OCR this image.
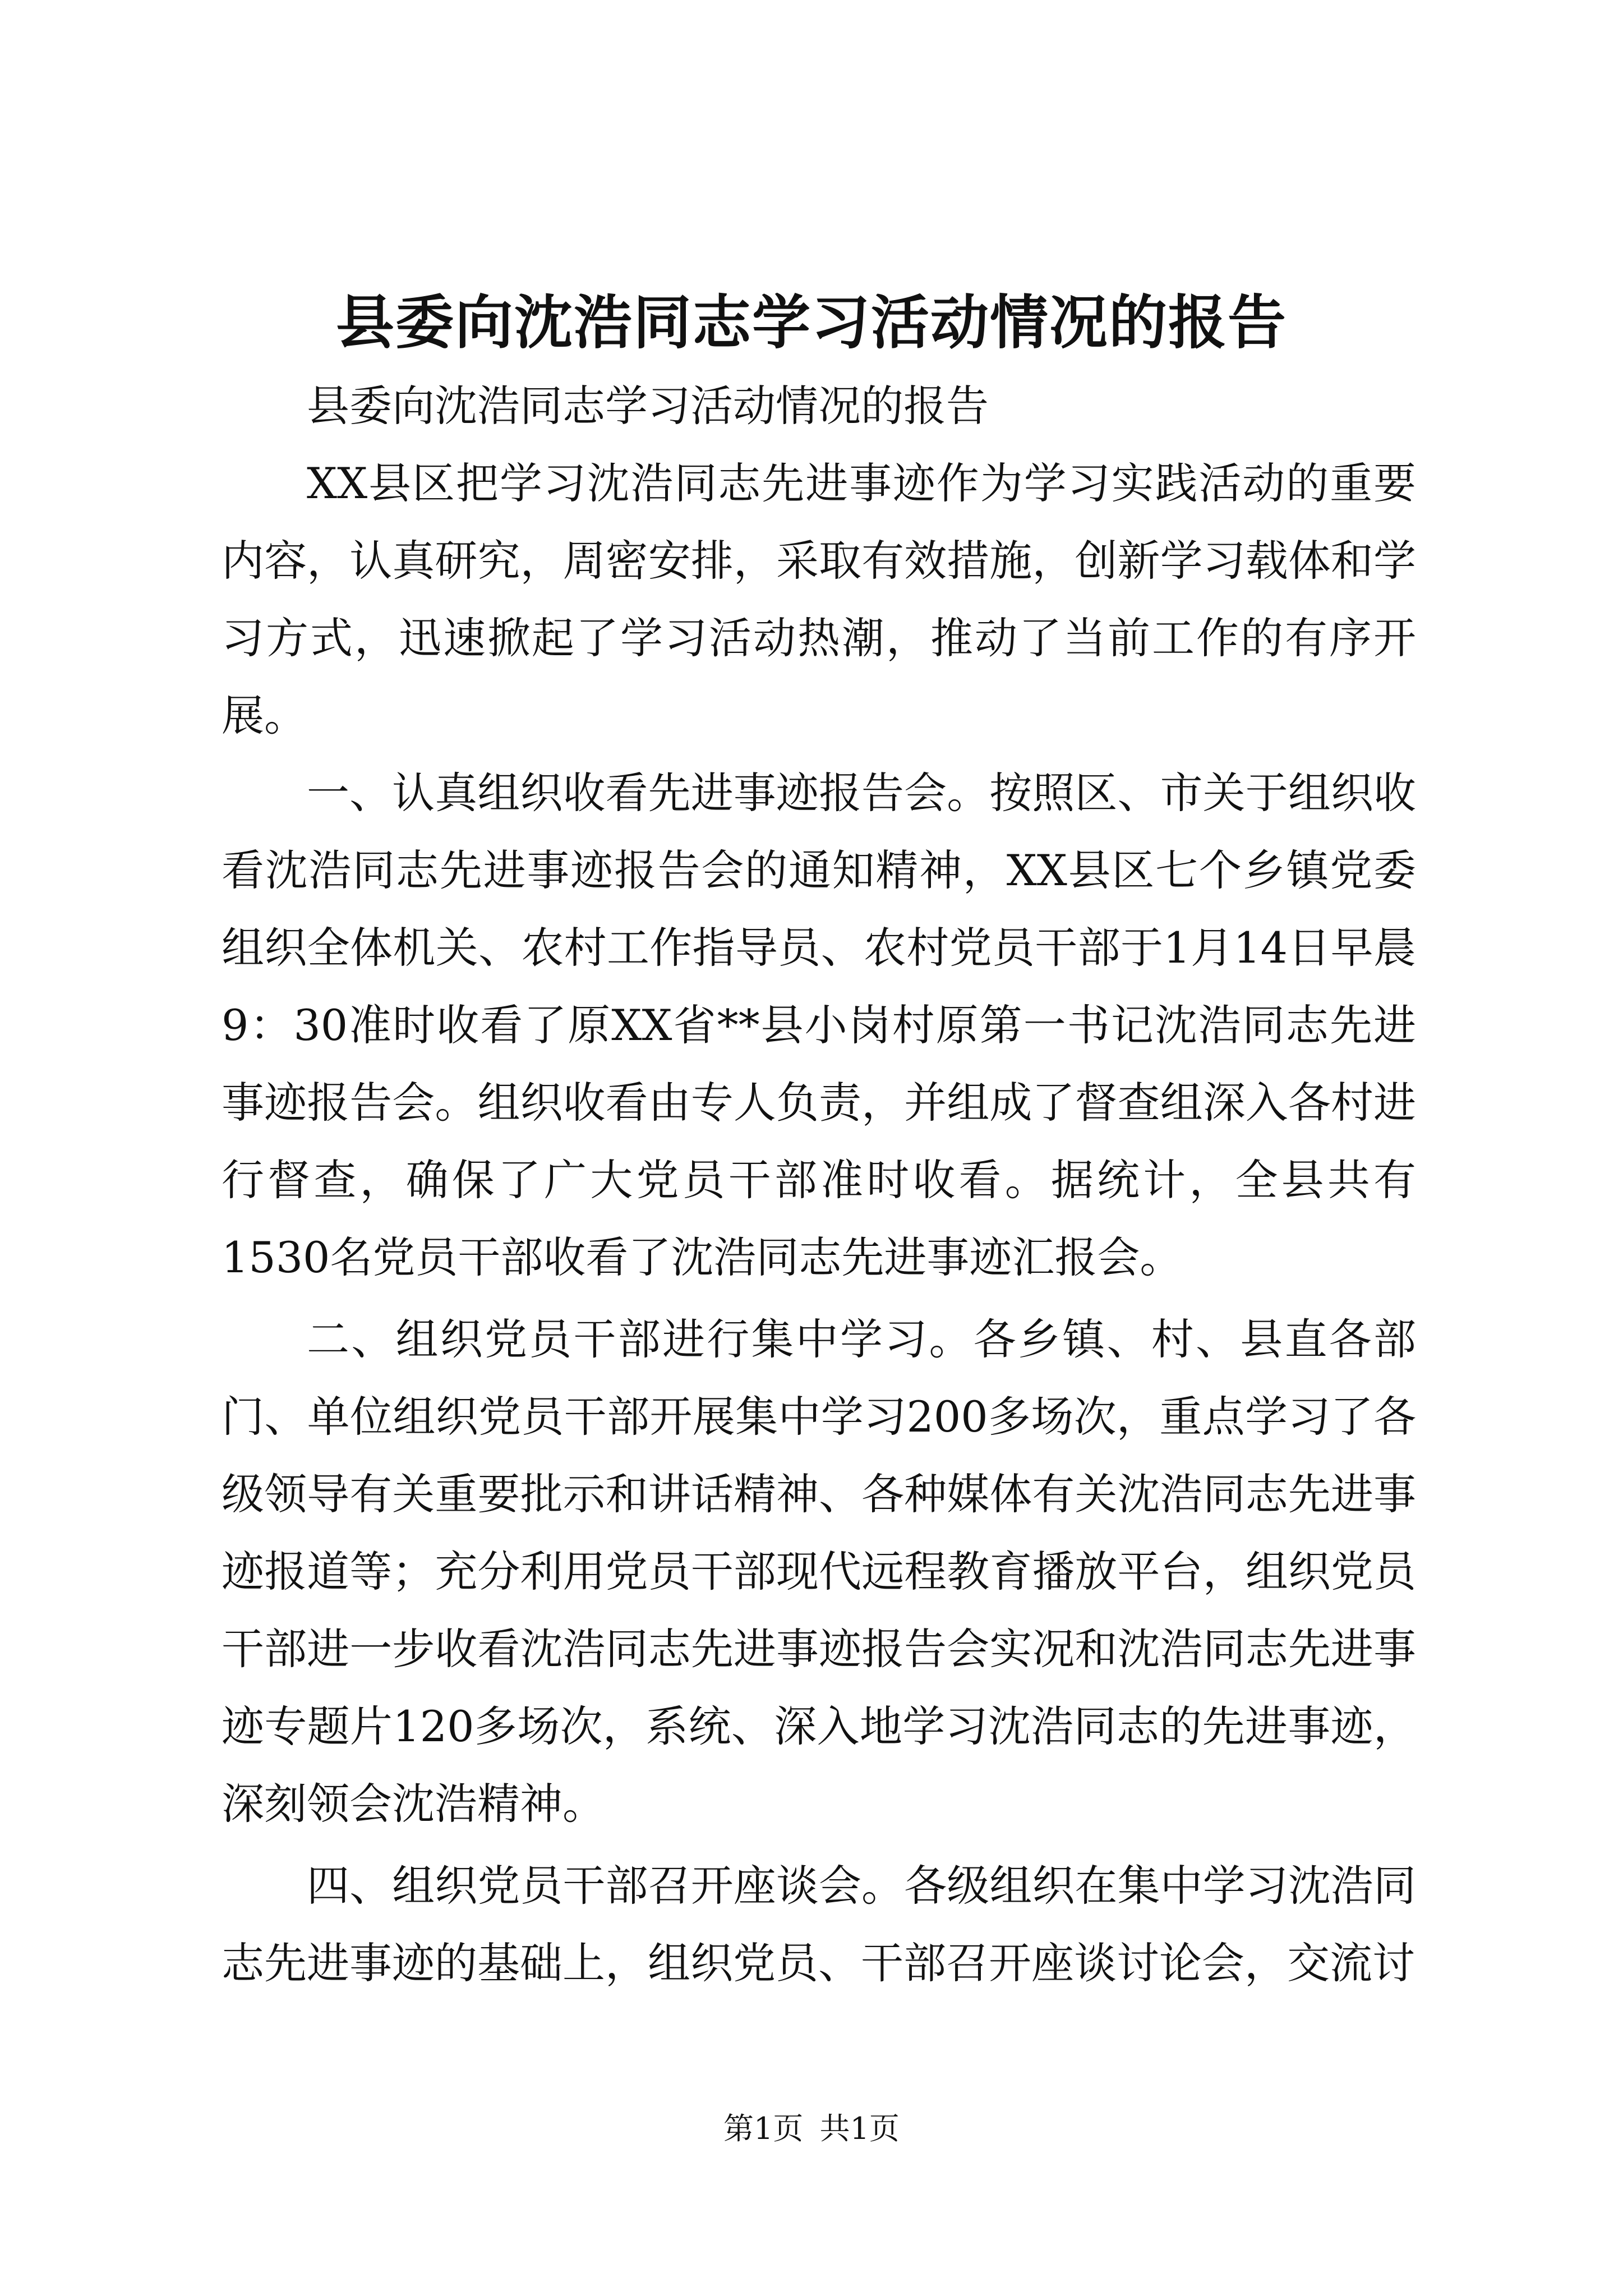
县委向沈浩同志学习活动情况的报告

县委向沈浩同志学习活动情况的报告

XX县区把学习沈浩同志先进事迹作为学习实践活动的重要内容，认真研究，周密安排，采取有效措施，创新学习载体和学习方式，迅速掀起了学习活动热潮，推动了当前工作的有序开展。

一、认真组织收看先进事迹报告会。按照区、市关于组织收看沈浩同志先进事迹报告会的通知精神，XX县区七个乡镇党委组织全体机关、农村工作指导员、农村党员干部于1月14日早晨9：30准时收看了原XX省**县小岗村原第一书记沈浩同志先进事迹报告会。组织收看由专人负责，并组成了督查组深入各村进行督查，确保了广大党员干部准时收看。据统计，全县共有1530名党员干部收看了沈浩同志先进事迹汇报会。

二、组织党员干部进行集中学习。各乡镇、村、县直各部门、单位组织党员干部开展集中学习200多场次，重点学习了各级领导有关重要批示和讲话精神、各种媒体有关沈浩同志先进事迹报道等；充分利用党员干部现代远程教育播放平台，组织党员干部进一步收看沈浩同志先进事迹报告会实况和沈浩同志先进事迹专题片120多场次，系统、深入地学习沈浩同志的先进事迹，深刻领会沈浩精神。

四、组织党员干部召开座谈会。各级组织在集中学习沈浩同志先进事迹的基础上，组织党员、干部召开座谈讨论会，交流讨

第1页 共1页
